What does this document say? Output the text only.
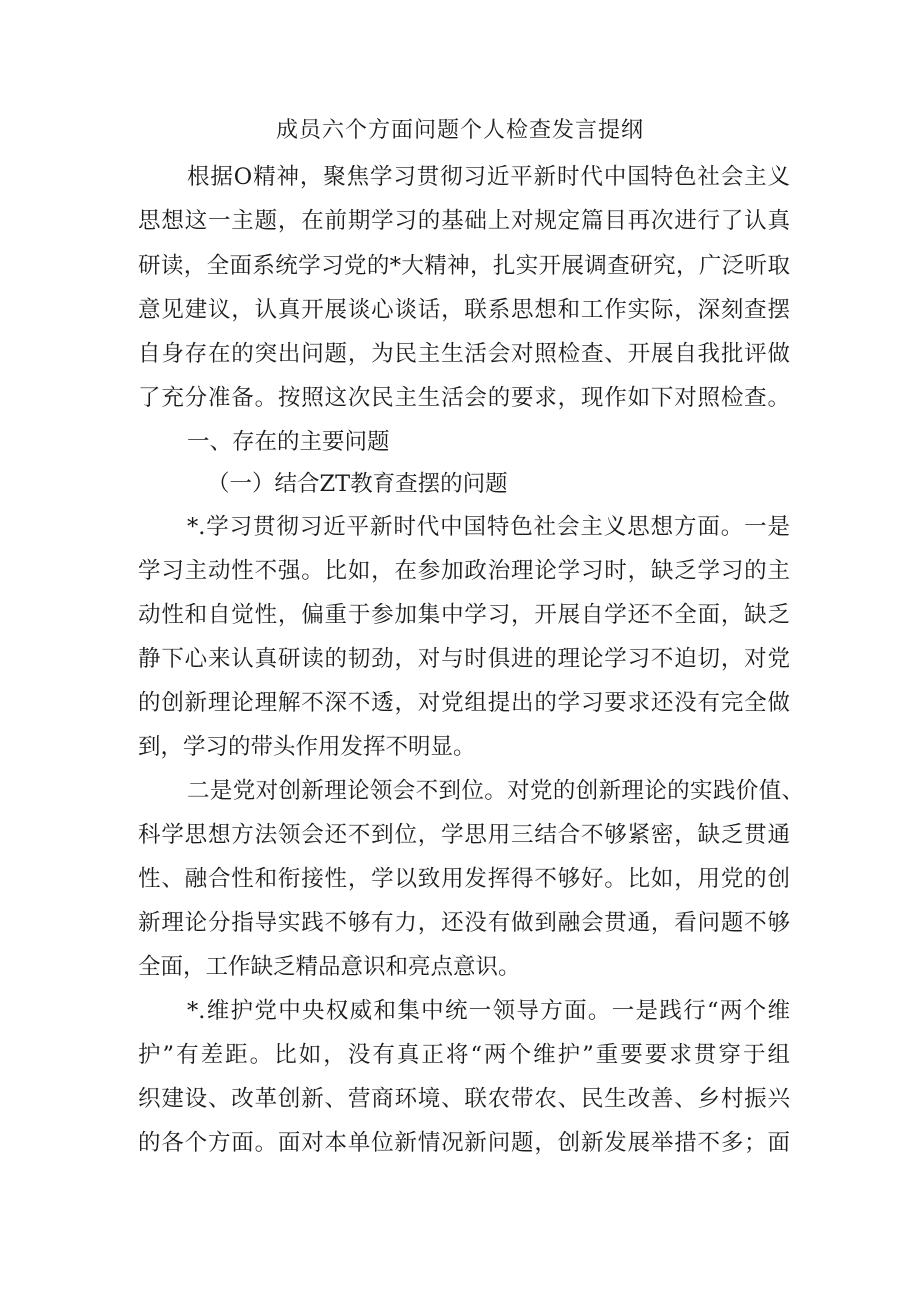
成员六个方面问题个人检查发言提纲
根据O精神，聚焦学习贯彻习近平新时代中国特色社会主义
思想这一主题，在前期学习的基础上对规定篇目再次进行了认真
研读，全面系统学习党的*大精神，扎实开展调查研究，广泛听取
意见建议，认真开展谈心谈话，联系思想和工作实际，深刻查摆
自身存在的突出问题，为民主生活会对照检查、开展自我批评做
了充分准备。按照这次民主生活会的要求，现作如下对照检查。
一、存在的主要问题
（一）结合ZT教育查摆的问题
*.学习贯彻习近平新时代中国特色社会主义思想方面。一是
学习主动性不强。比如，在参加政治理论学习时，缺乏学习的主
动性和自觉性，偏重于参加集中学习，开展自学还不全面，缺乏
静下心来认真研读的韧劲，对与时俱进的理论学习不迫切，对党
的创新理论理解不深不透，对党组提出的学习要求还没有完全做
到，学习的带头作用发挥不明显。
二是党对创新理论领会不到位。对党的创新理论的实践价值、
科学思想方法领会还不到位，学思用三结合不够紧密，缺乏贯通
性、融合性和衔接性，学以致用发挥得不够好。比如，用党的创
新理论分指导实践不够有力，还没有做到融会贯通，看问题不够
全面，工作缺乏精品意识和亮点意识。
*.维护党中央权威和集中统一领导方面。一是践行“两个维
护”有差距。比如，没有真正将“两个维护”重要要求贯穿于组
织建设、改革创新、营商环境、联农带农、民生改善、乡村振兴
的各个方面。面对本单位新情况新问题，创新发展举措不多；面
